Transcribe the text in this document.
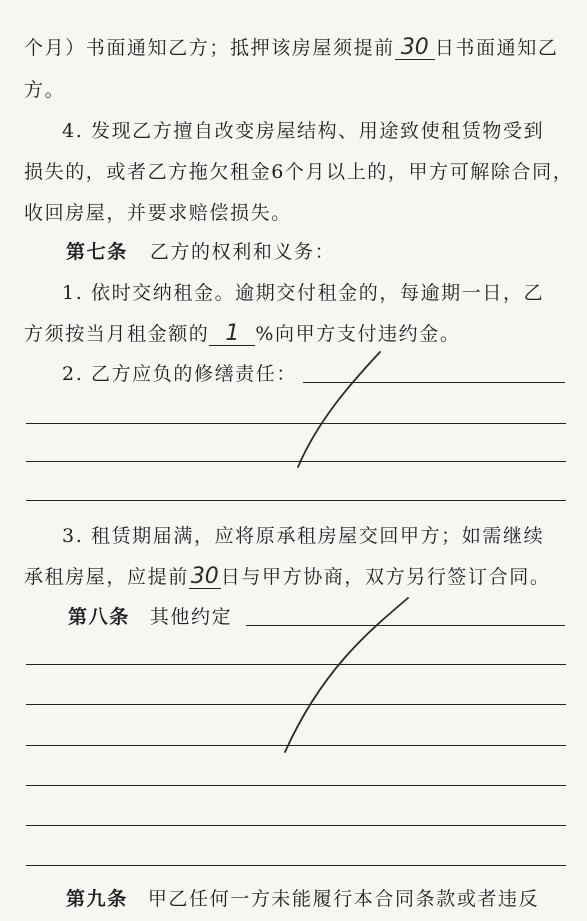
个月）书面通知乙方；抵押该房屋须提前 30 日书面通知乙
方。
4. 发现乙方擅自改变房屋结构、用途致使租赁物受到
损失的，或者乙方拖欠租金6个月以上的，甲方可解除合同，
收回房屋，并要求赔偿损失。
第七条 乙方的权利和义务：
1. 依时交纳租金。逾期交付租金的，每逾期一日，乙
方须按当月租金额的 1 %向甲方支付违约金。
2. 乙方应负的修缮责任：
3. 租赁期届满，应将原承租房屋交回甲方；如需继续
承租房屋，应提前30 日与甲方协商，双方另行签订合同。
第八条 其他约定
第九条 甲乙任何一方未能履行本合同条款或者违反
